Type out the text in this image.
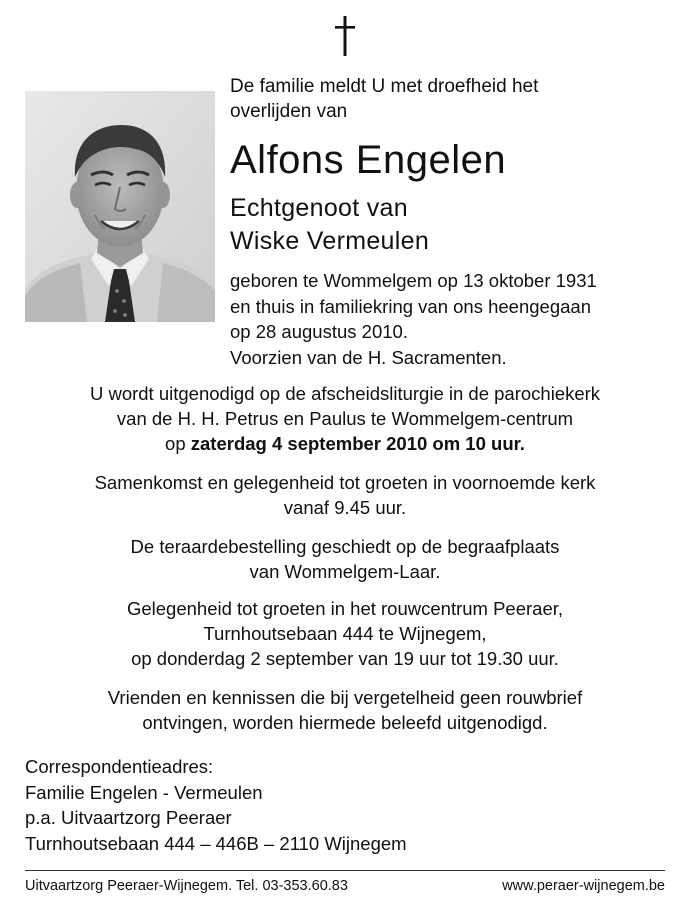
De familie meldt U met droefheid het
overlijden van
Alfons Engelen
Echtgenoot van
Wiske Vermeulen
geboren te Wommelgem op 13 oktober 1931
en thuis in familiekring van ons heengegaan
op 28 augustus 2010.
Voorzien van de H. Sacramenten.
U wordt uitgenodigd op de afscheidsliturgie in de parochiekerk
van de H. H. Petrus en Paulus te Wommelgem-centrum
op zaterdag 4 september 2010 om 10 uur.
Samenkomst en gelegenheid tot groeten in voornoemde kerk
vanaf 9.45 uur.
De teraardebestelling geschiedt op de begraafplaats
van Wommelgem-Laar.
Gelegenheid tot groeten in het rouwcentrum Peeraer,
Turnhoutsebaan 444 te Wijnegem,
op donderdag 2 september van 19 uur tot 19.30 uur.
Vrienden en kennissen die bij vergetelheid geen rouwbrief
ontvingen, worden hiermede beleefd uitgenodigd.
Correspondentieadres:
Familie Engelen - Vermeulen
p.a. Uitvaartzorg Peeraer
Turnhoutsebaan 444 – 446B – 2110 Wijnegem
Uitvaartzorg Peeraer-Wijnegem. Tel. 03-353.60.83	www.peraer-wijnegem.be
